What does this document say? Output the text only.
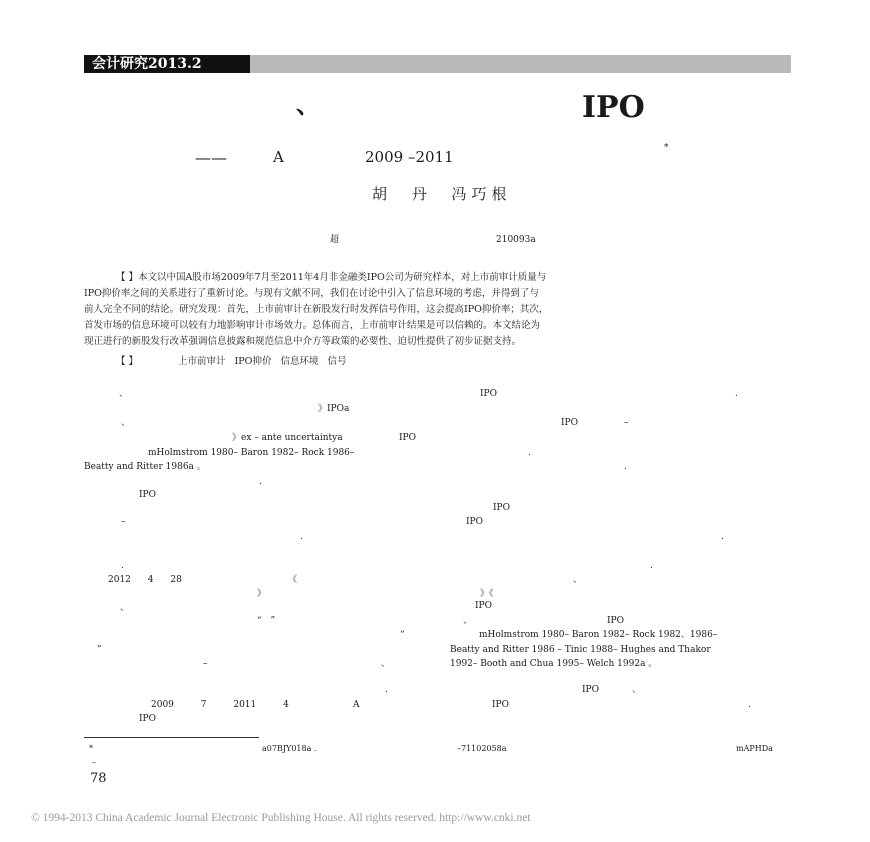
会计研究2013.2
、	IPO
——	A	2009 –2011	*
胡 丹 冯巧根
超	210093a
【 】本文以中国A股市场2009年7月至2011年4月非金融类IPO公司为研究样本，对上市前审计质量与
IPO抑价率之间的关系进行了重新讨论。与现有文献不同，我们在讨论中引入了信息环境的考虑，并得到了与
前人完全不同的结论。研究发现：首先，上市前审计在新股发行时发挥信号作用，这会提高IPO抑价率；其次，
首发市场的信息环境可以较有力地影响审计市场效力。总体而言，上市前审计结果是可以信赖的。本文结论为
现正进行的新股发行改革强调信息披露和规范信息中介方等政策的必要性、迫切性提供了初步证据支持。
【 】	上市前审计 IPO抑价 信息环境 信号
、	IPO	.
》IPOa
、	IPO	–
》ex – ante uncertaintya	IPO
mHolmstrom 1980– Baron 1982– Rock 1986–	.
Beatty and Ritter 1986a 。	.
.
IPO
IPO
–	IPO
.	.
.	.
2012 4 28	《	、
》	》《
、	IPO
、
“ ”	IPO
“	mHolmstrom 1980– Baron 1982– Rock 1982、1986–
”	Beatty and Ritter 1986 – Tinic 1988– Hughes and Thakor
–	、	1992– Booth and Chua 1995– Welch 1992a 。
.	IPO	、
2009 7 2011 4	A	IPO	.
IPO
*	a07BJY018a .	–71102058a	mAPHDa
–
78
© 1994-2013 China Academic Journal Electronic Publishing House. All rights reserved. http://www.cnki.net
